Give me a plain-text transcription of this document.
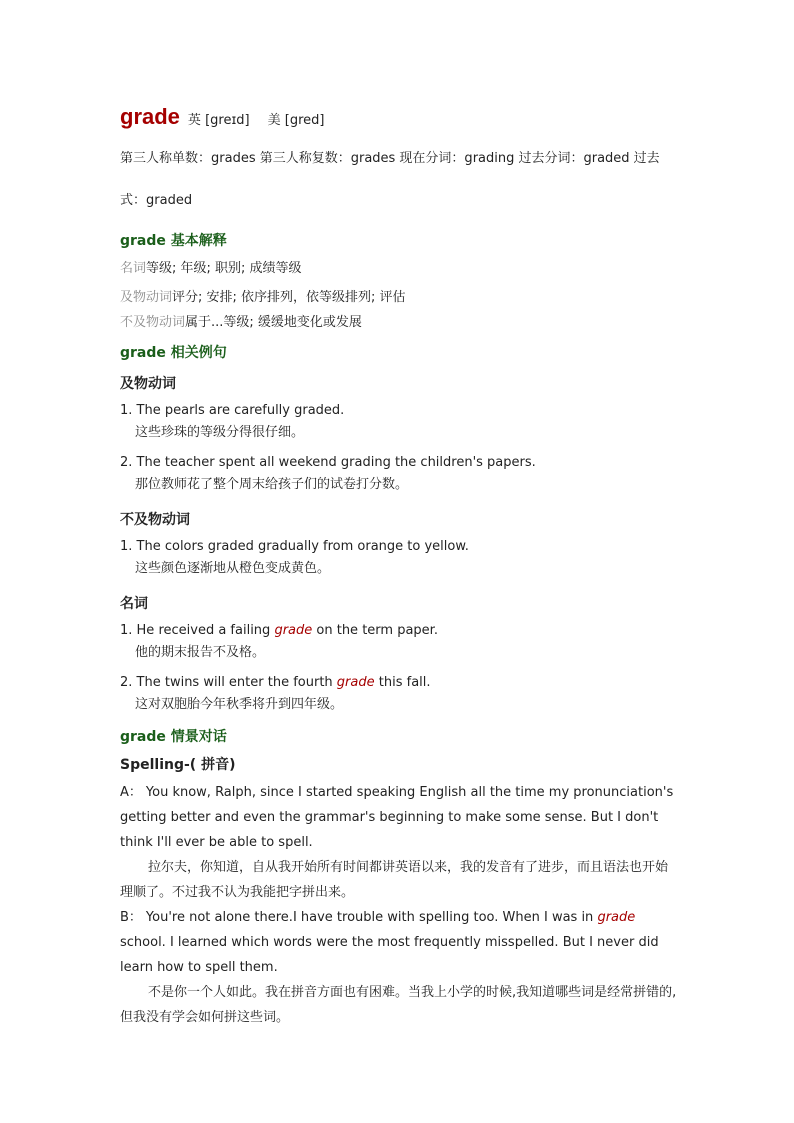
grade 英 [greɪd] 美 [gred]
第三人称单数：grades 第三人称复数：grades 现在分词：grading 过去分词：graded 过去
式：graded
grade 基本解释
名词等级; 年级; 职别; 成绩等级
及物动词评分; 安排; 依序排列，依等级排列; 评估
不及物动词属于...等级; 缓缓地变化或发展
grade 相关例句
及物动词
1. The pearls are carefully graded.
这些珍珠的等级分得很仔细。
2. The teacher spent all weekend grading the children's papers.
那位教师花了整个周末给孩子们的试卷打分数。
不及物动词
1. The colors graded gradually from orange to yellow.
这些颜色逐渐地从橙色变成黄色。
名词
1. He received a failing grade on the term paper.
他的期末报告不及格。
2. The twins will enter the fourth grade this fall.
这对双胞胎今年秋季将升到四年级。
grade 情景对话
Spelling-( 拼音)
A： You know, Ralph, since I started speaking English all the time my pronunciation's getting better and even the grammar's beginning to make some sense. But I don't think I'll ever be able to spell.
拉尔夫，你知道，自从我开始所有时间都讲英语以来，我的发音有了进步，而且语法也开始理顺了。不过我不认为我能把字拼出来。
B： You're not alone there.I have trouble with spelling too. When I was in grade school. I learned which words were the most frequently misspelled. But I never did learn how to spell them.
不是你一个人如此。我在拼音方面也有困难。当我上小学的时候,我知道哪些词是经常拼错的, 但我没有学会如何拼这些词。
